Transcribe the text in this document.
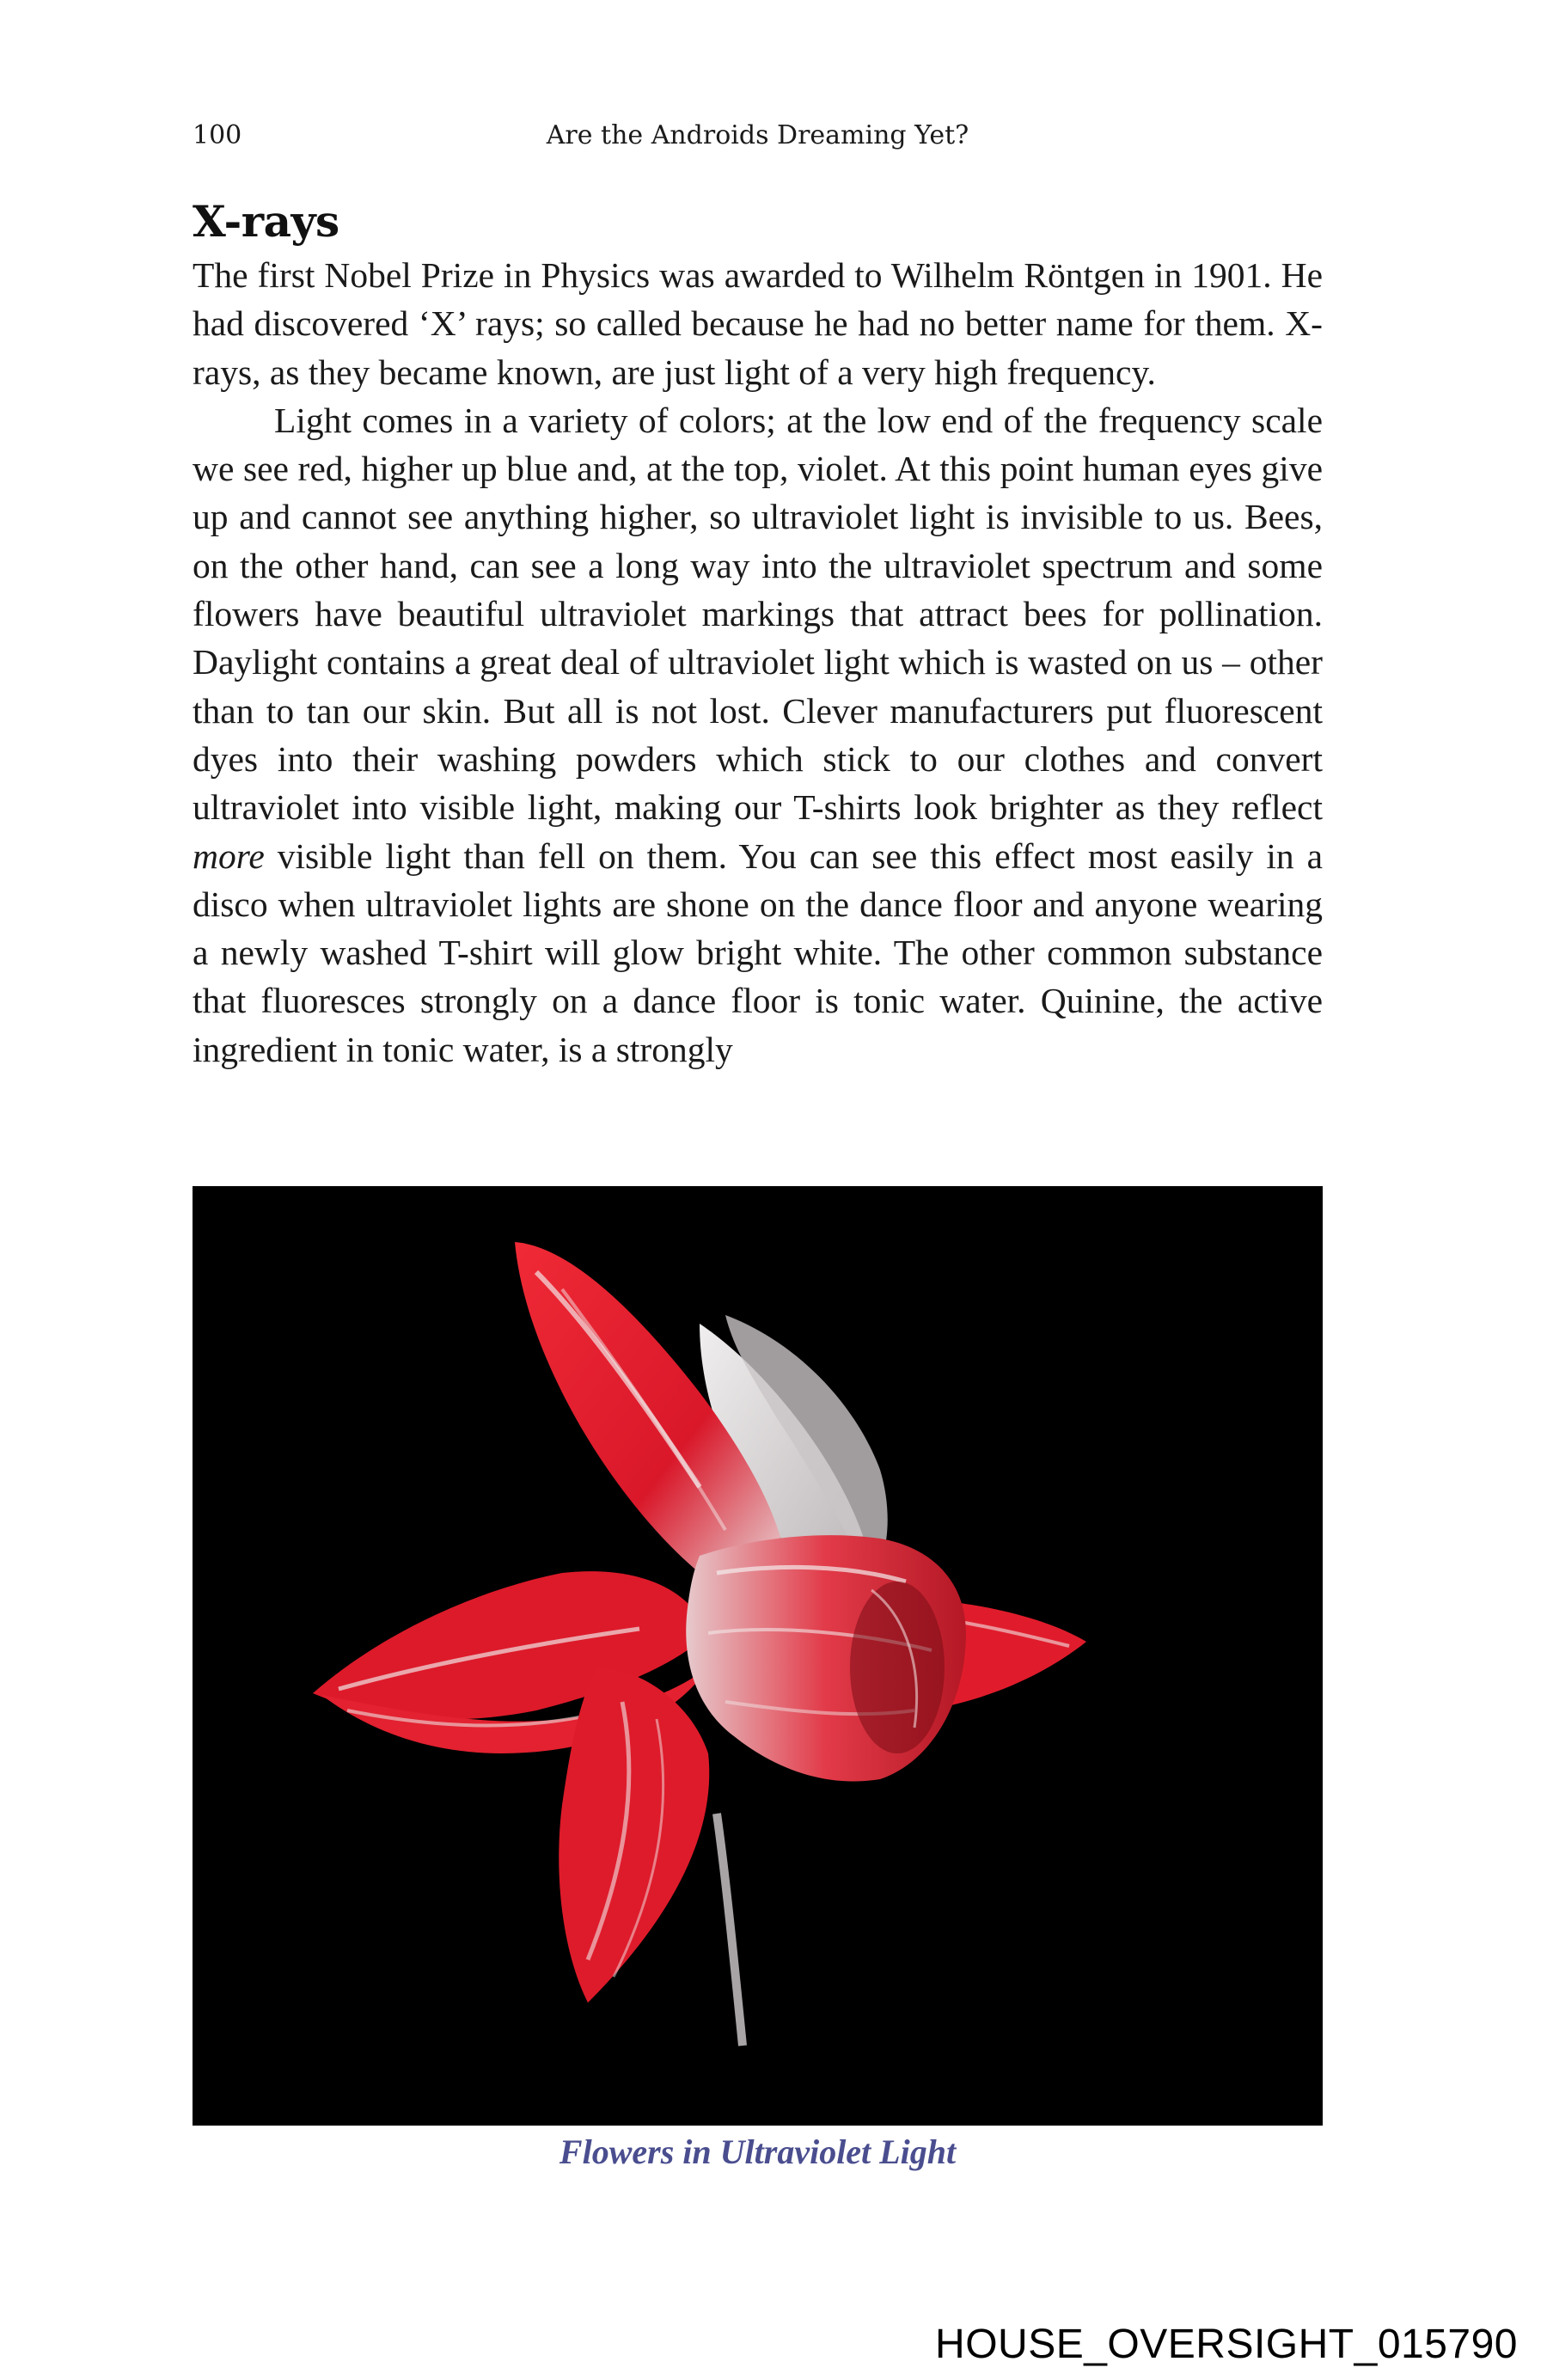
100	Are the Androids Dreaming Yet?
X-rays

The first Nobel Prize in Physics was awarded to Wilhelm Röntgen in 1901. He had discovered ‘X’ rays; so called because he had no better name for them. X-rays, as they became known, are just light of a very high frequency.

Light comes in a variety of colors; at the low end of the frequency scale we see red, higher up blue and, at the top, violet. At this point human eyes give up and cannot see anything higher, so ultraviolet light is invisible to us. Bees, on the other hand, can see a long way into the ultraviolet spectrum and some flowers have beautiful ultraviolet markings that attract bees for pollination. Daylight contains a great deal of ultraviolet light which is wasted on us – other than to tan our skin. But all is not lost. Clever manufacturers put fluorescent dyes into their washing powders which stick to our clothes and convert ultraviolet into visible light, making our T-shirts look brighter as they reflect more visible light than fell on them. You can see this effect most easily in a disco when ultraviolet lights are shone on the dance floor and anyone wearing a newly washed T-shirt will glow bright white. The other common substance that fluoresces strongly on a dance floor is tonic water. Quinine, the active ingredient in tonic water, is a strongly

Flowers in Ultraviolet Light
HOUSE_OVERSIGHT_015790
